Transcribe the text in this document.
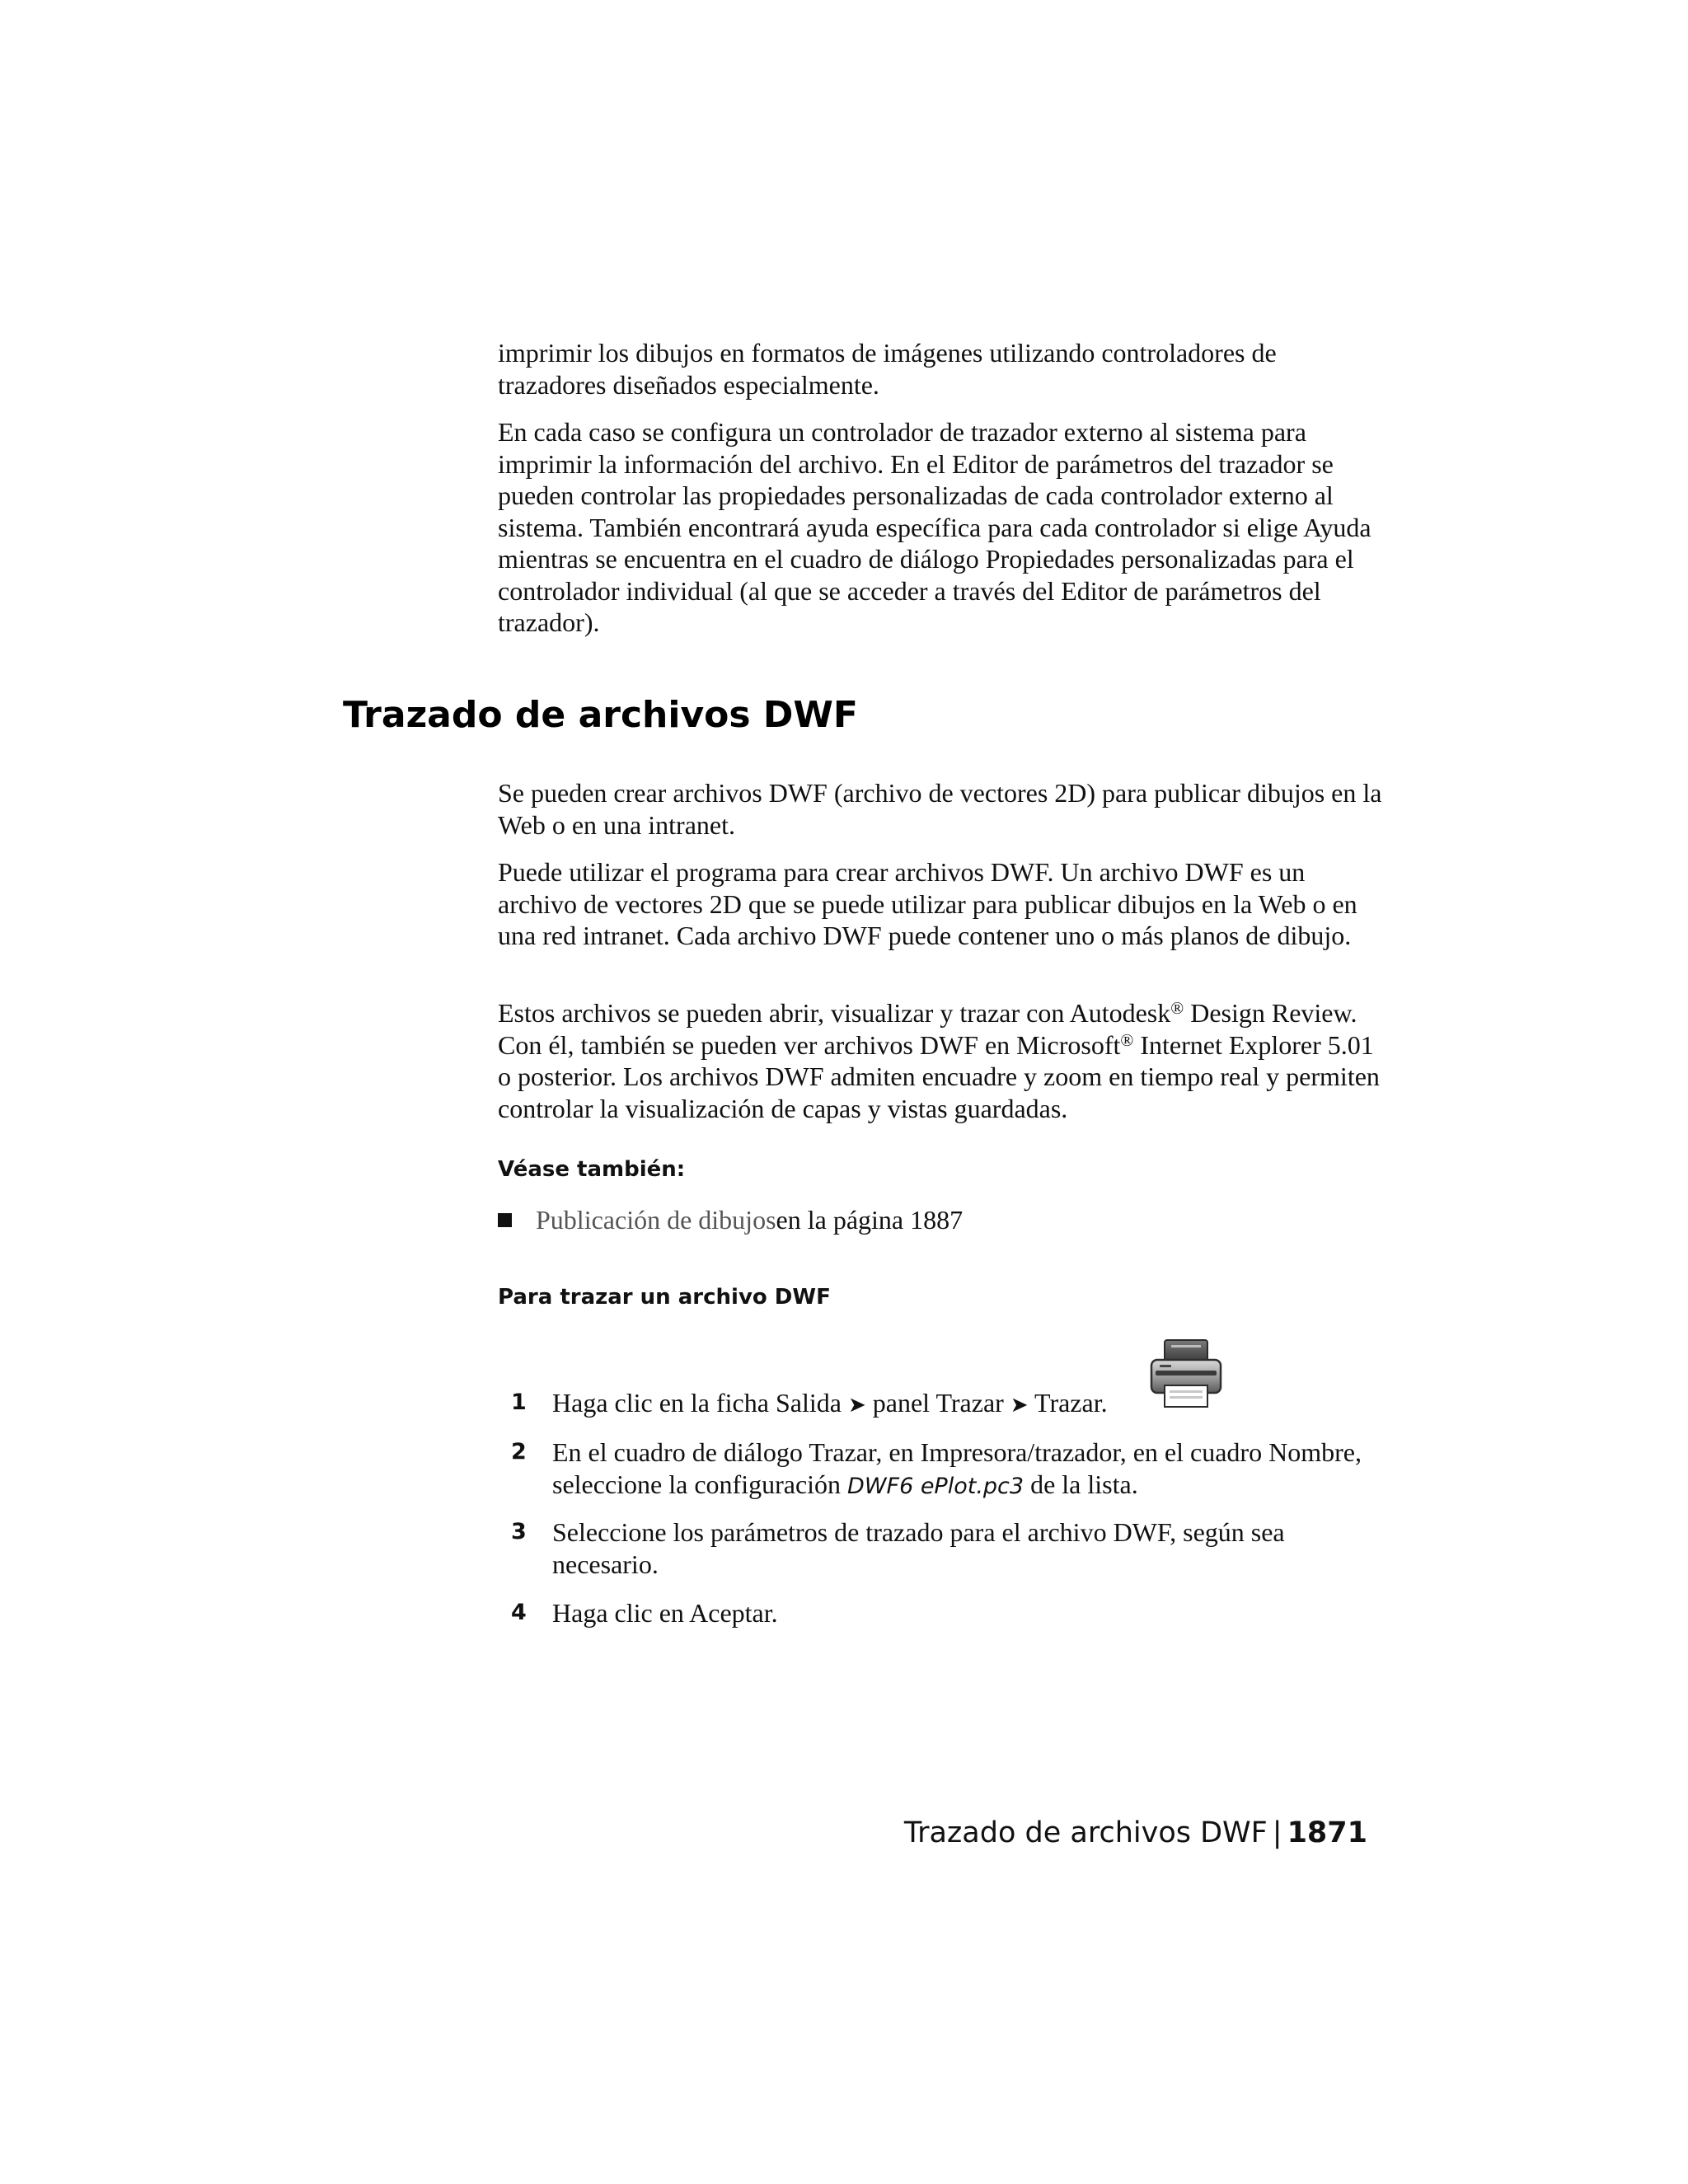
imprimir los dibujos en formatos de imágenes utilizando controladores de trazadores diseñados especialmente.

En cada caso se configura un controlador de trazador externo al sistema para imprimir la información del archivo. En el Editor de parámetros del trazador se pueden controlar las propiedades personalizadas de cada controlador externo al sistema. También encontrará ayuda específica para cada controlador si elige Ayuda mientras se encuentra en el cuadro de diálogo Propiedades personalizadas para el controlador individual (al que se acceder a través del Editor de parámetros del trazador).

Trazado de archivos DWF

Se pueden crear archivos DWF (archivo de vectores 2D) para publicar dibujos en la Web o en una intranet.

Puede utilizar el programa para crear archivos DWF. Un archivo DWF es un archivo de vectores 2D que se puede utilizar para publicar dibujos en la Web o en una red intranet. Cada archivo DWF puede contener uno o más planos de dibujo.

Estos archivos se pueden abrir, visualizar y trazar con Autodesk® Design Review. Con él, también se pueden ver archivos DWF en Microsoft® Internet Explorer 5.01 o posterior. Los archivos DWF admiten encuadre y zoom en tiempo real y permiten controlar la visualización de capas y vistas guardadas.

Véase también:
Publicación de dibujos en la página 1887
Para trazar un archivo DWF
1 Haga clic en la ficha Salida ➤ panel Trazar ➤ Trazar.
2 En el cuadro de diálogo Trazar, en Impresora/trazador, en el cuadro Nombre, seleccione la configuración DWF6 ePlot.pc3 de la lista.
3 Seleccione los parámetros de trazado para el archivo DWF, según sea necesario.
4 Haga clic en Aceptar.
Trazado de archivos DWF | 1871
